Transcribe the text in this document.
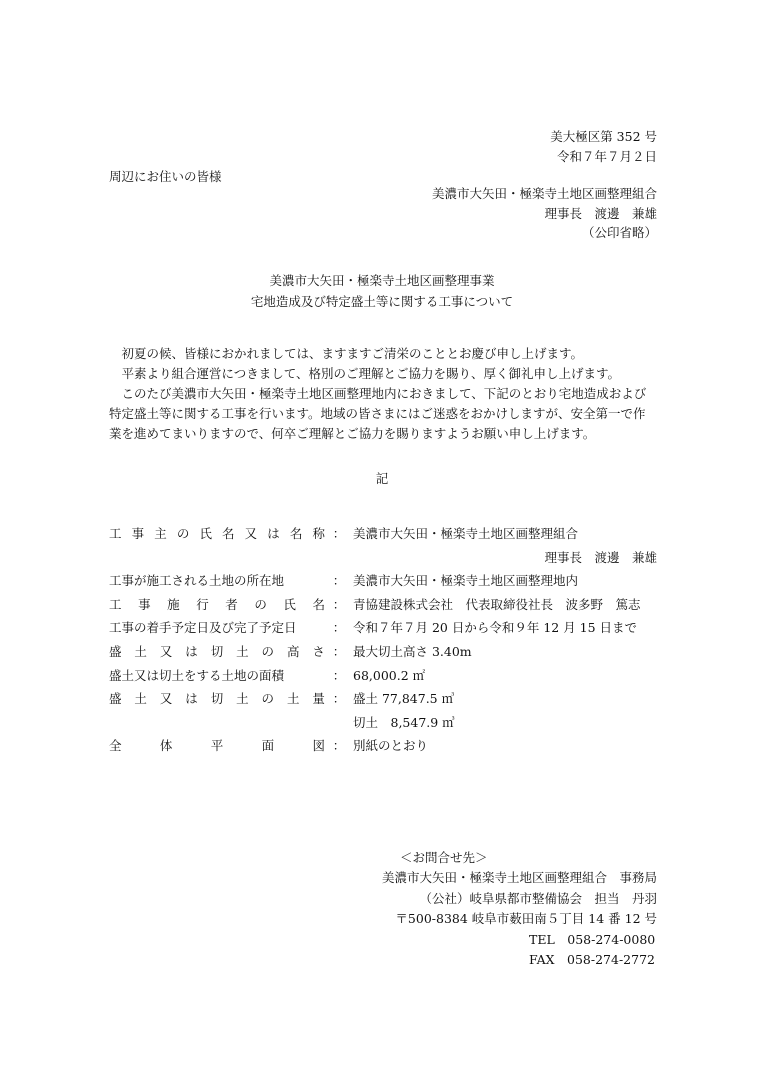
美大極区第 352 号
令和７年７月２日
周辺にお住いの皆様
美濃市大矢田・極楽寺土地区画整理組合
理事長　渡邊　兼雄
（公印省略）
美濃市大矢田・極楽寺土地区画整理事業
宅地造成及び特定盛土等に関する工事について

初夏の候、皆様におかれましては、ますますご清栄のこととお慶び申し上げます。

平素より組合運営につきまして、格別のご理解とご協力を賜り、厚く御礼申し上げます。

このたび美濃市大矢田・極楽寺土地区画整理地内におきまして、下記のとおり宅地造成および特定盛土等に関する工事を行います。地域の皆さまにはご迷惑をおかけしますが、安全第一で作業を進めてまいりますので、何卒ご理解とご協力を賜りますようお願い申し上げます。

記
工 事 主 の 氏 名 又 は 名 称 ： 美濃市大矢田・極楽寺土地区画整理組合
理事長　渡邊　兼雄
工事が施工される土地の所在地	： 美濃市大矢田・極楽寺土地区画整理地内
工 事 施 行 者 の 氏 名 ： 青協建設株式会社　代表取締役社長　波多野　篤志
工事の着手予定日及び完了予定日	： 令和７年７月 20 日から令和９年 12 月 15 日まで
盛 土 又 は 切 土 の 高 さ ： 最大切土高さ 3.40m
盛土又は切土をする土地の面積	： 68,000.2 ㎡
盛 土 又 は 切 土 の 土 量 ： 盛土 77,847.5 ㎥
切土　8,547.9 ㎥
全	体	平	面	図 ： 別紙のとおり
＜お問合せ先＞
美濃市大矢田・極楽寺土地区画整理組合　事務局
（公社）岐阜県都市整備協会　担当　丹羽
〒500-8384 岐阜市薮田南５丁目 14 番 12 号
TEL　058-274-0080
FAX　058-274-2772
